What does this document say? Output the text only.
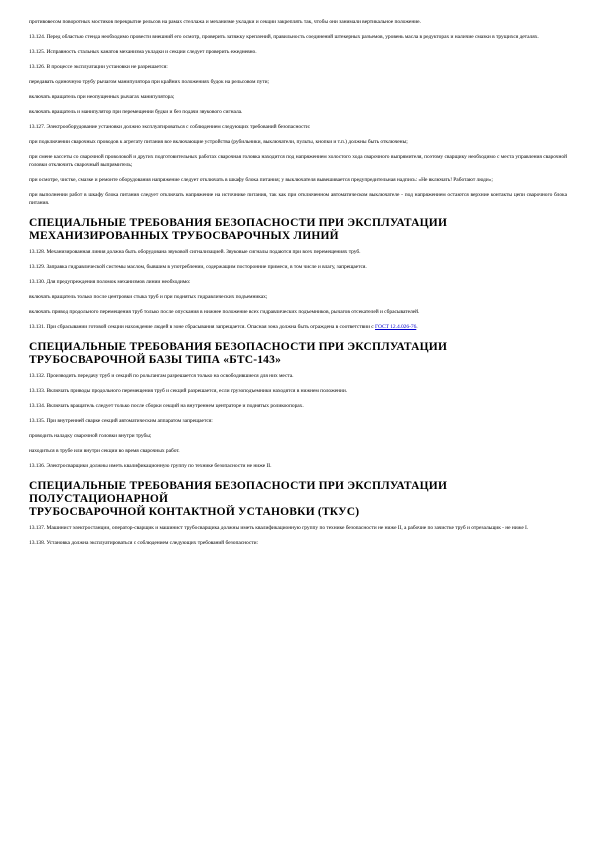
противовесом поворотных мостиков перекрытие рельсов на рамах стеллажа и механизме укладки и секции закреплять так, чтобы они занимали вертикальное положение.

13.124. Перед областью стенда необходимо провести внешний его осмотр, проверить затяжку креплений, правильность соединений штекерных разъемов, уровень масла в редукторах и наличие смазки в трущихся деталях.

13.125. Исправность стальных канатов механизма укладки и секции следует проверить ежедневно.

13.126. В процессе эксплуатации установки не разрешается:

передавать одиночную трубу рычагом манипулятора при крайних положениях будок на рельсовом пути;

включать вращатель при неопущенных рычагах манипулятора;

включать вращатель и манипулятор при перемещении будки и без подачи звукового сигнала.

13.127. Электрооборудование установки должно эксплуатироваться с соблюдением следующих требований безопасности:

при подключении сварочных проводов к агрегату питания все включающие устройства (рубильники, выключатели, пульты, кнопки и т.п.) должны быть отключены;

при смене кассеты со сварочной проволокой и других подготовительных работах сварочная головка находится под напряжением холостого хода сварочного выпрямителя, поэтому сварщику необходимо с места управления сварочной головки отключить сварочный выпрямитель;

при осмотре, чистке, смазке и ремонте оборудования напряжение следует отключать в шкафу блока питания; у выключателя вывешивается предупредительная надпись: «Не включать! Работают люди»;

при выполнении работ в шкафу блока питания следует отключать напряжение на источнике питания, так как при отключенном автоматическом выключателе - под напряжением остаются верхние контакты цепи сварочного блока питания.

СПЕЦИАЛЬНЫЕ ТРЕБОВАНИЯ БЕЗОПАСНОСТИ ПРИ ЭКСПЛУАТАЦИИ
МЕХАНИЗИРОВАННЫХ ТРУБОСВАРОЧНЫХ ЛИНИЙ

13.128. Механизированная линия должна быть оборудована звуковой сигнализацией. Звуковые сигналы подаются при всех перемещениях труб.

13.129. Заправка гидравлической системы маслом, бывшим в употреблении, содержащим посторонние примеси, в том числе и влагу, запрещается.

13.130. Для предупреждения поломок механизмов линии необходимо:

включать вращатель только после центровки стыка труб и при поднятых гидравлических подъемниках;

включать привод продольного перемещения труб только после опускания в нижнее положение всех гидравлических подъемников, рычагов отсекателей и сбрасывателей.

13.131. При сбрасывании готовой секции нахождение людей в зоне сбрасывания запрещается. Опасная зона должна быть ограждена в соответствии с ГОСТ 12.4.026-76.

СПЕЦИАЛЬНЫЕ ТРЕБОВАНИЯ БЕЗОПАСНОСТИ ПРИ ЭКСПЛУАТАЦИИ
ТРУБОСВАРОЧНОЙ БАЗЫ ТИПА «БТС-143»

13.132. Производить передачу труб и секций по рольгангам разрешается только на освободившиеся для них места.

13.133. Включать приводы продольного перемещения труб и секций разрешается, если грузоподъемники находятся в нижнем положении.

13.134. Включать вращатель следует только после сборки секций на внутреннем центраторе и поднятых роликоопорах.

13.135. При внутренней сварке секций автоматическим аппаратом запрещается:

проводить наладку сварочной головки внутри трубы;

находиться в трубе или внутри секции во время сварочных работ.

13.136. Электросварщики должны иметь квалификационную группу по технике безопасности не ниже II.

СПЕЦИАЛЬНЫЕ ТРЕБОВАНИЯ БЕЗОПАСНОСТИ ПРИ ЭКСПЛУАТАЦИИ
ПОЛУСТАЦИОНАРНОЙ
ТРУБОСВАРОЧНОЙ КОНТАКТНОЙ УСТАНОВКИ (ТКУС)

13.137. Машинист электростанции, оператор-сварщик и машинист трубосварщика должны иметь квалификационную группу по технике безопасности не ниже II, а рабочие по зачистке труб и отрезальщик - не ниже I.

13.138. Установка должна эксплуатироваться с соблюдением следующих требований безопасности:
